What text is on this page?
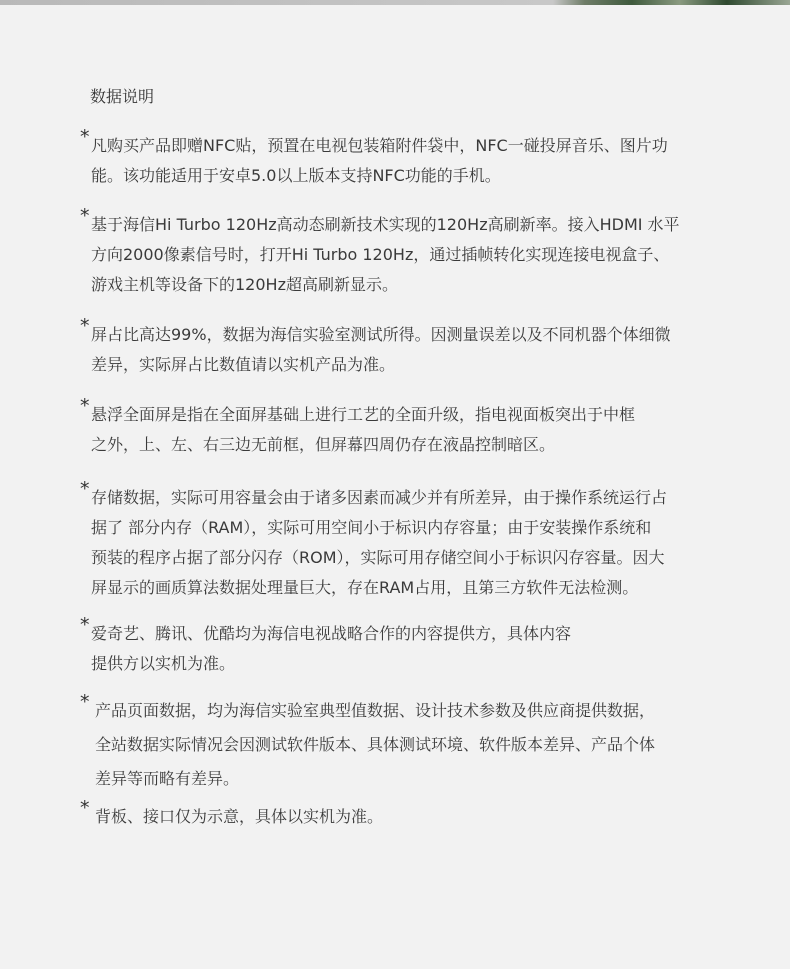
数据说明
* 凡购买产品即赠NFC贴，预置在电视包装箱附件袋中，NFC一碰投屏音乐、图片功
能。该功能适用于安卓5.0以上版本支持NFC功能的手机。
* 基于海信Hi Turbo 120Hz高动态刷新技术实现的120Hz高刷新率。接入HDMI 水平
方向2000像素信号时，打开Hi Turbo 120Hz，通过插帧转化实现连接电视盒子、
游戏主机等设备下的120Hz超高刷新显示。
* 屏占比高达99%，数据为海信实验室测试所得。因测量误差以及不同机器个体细微
差异，实际屏占比数值请以实机产品为准。
* 悬浮全面屏是指在全面屏基础上进行工艺的全面升级，指电视面板突出于中框
之外，上、左、右三边无前框，但屏幕四周仍存在液晶控制暗区。
* 存储数据，实际可用容量会由于诸多因素而减少并有所差异，由于操作系统运行占
据了 部分内存（RAM），实际可用空间小于标识内存容量；由于安装操作系统和
预装的程序占据了部分闪存（ROM），实际可用存储空间小于标识闪存容量。因大
屏显示的画质算法数据处理量巨大，存在RAM占用，且第三方软件无法检测。
* 爱奇艺、腾讯、优酷均为海信电视战略合作的内容提供方，具体内容
提供方以实机为准。
* 产品页面数据，均为海信实验室典型值数据、设计技术参数及供应商提供数据，
全站数据实际情况会因测试软件版本、具体测试环境、软件版本差异、产品个体
差异等而略有差异。
* 背板、接口仅为示意，具体以实机为准。
